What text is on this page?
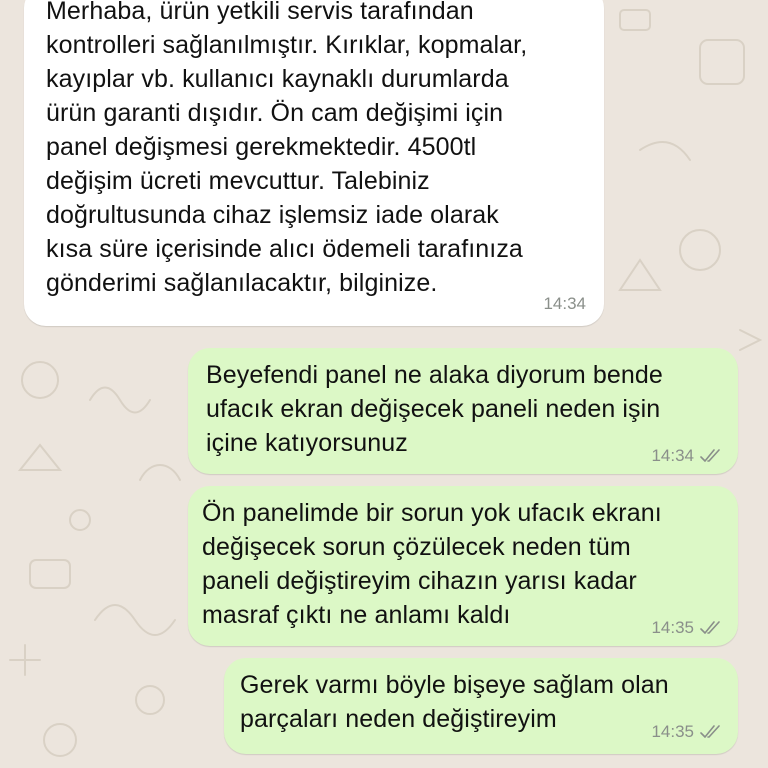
Merhaba, ürün yetkili servis tarafından
kontrolleri sağlanılmıştır. Kırıklar, kopmalar,
kayıplar vb. kullanıcı kaynaklı durumlarda
ürün garanti dışıdır. Ön cam değişimi için
panel değişmesi gerekmektedir. 4500tl
değişim ücreti mevcuttur. Talebiniz
doğrultusunda cihaz işlemsiz iade olarak
kısa süre içerisinde alıcı ödemeli tarafınıza
gönderimi sağlanılacaktır, bilginize.
14:34
Beyefendi panel ne alaka diyorum bende
ufacık ekran değişecek paneli neden işin
içine katıyorsunuz	14:34
Ön panelimde bir sorun yok ufacık ekranı
değişecek sorun çözülecek neden tüm
paneli değiştireyim cihazın yarısı kadar
masraf çıktı ne anlamı kaldı	14:35
Gerek varmı böyle bişeye sağlam olan
parçaları neden değiştireyim	14:35
